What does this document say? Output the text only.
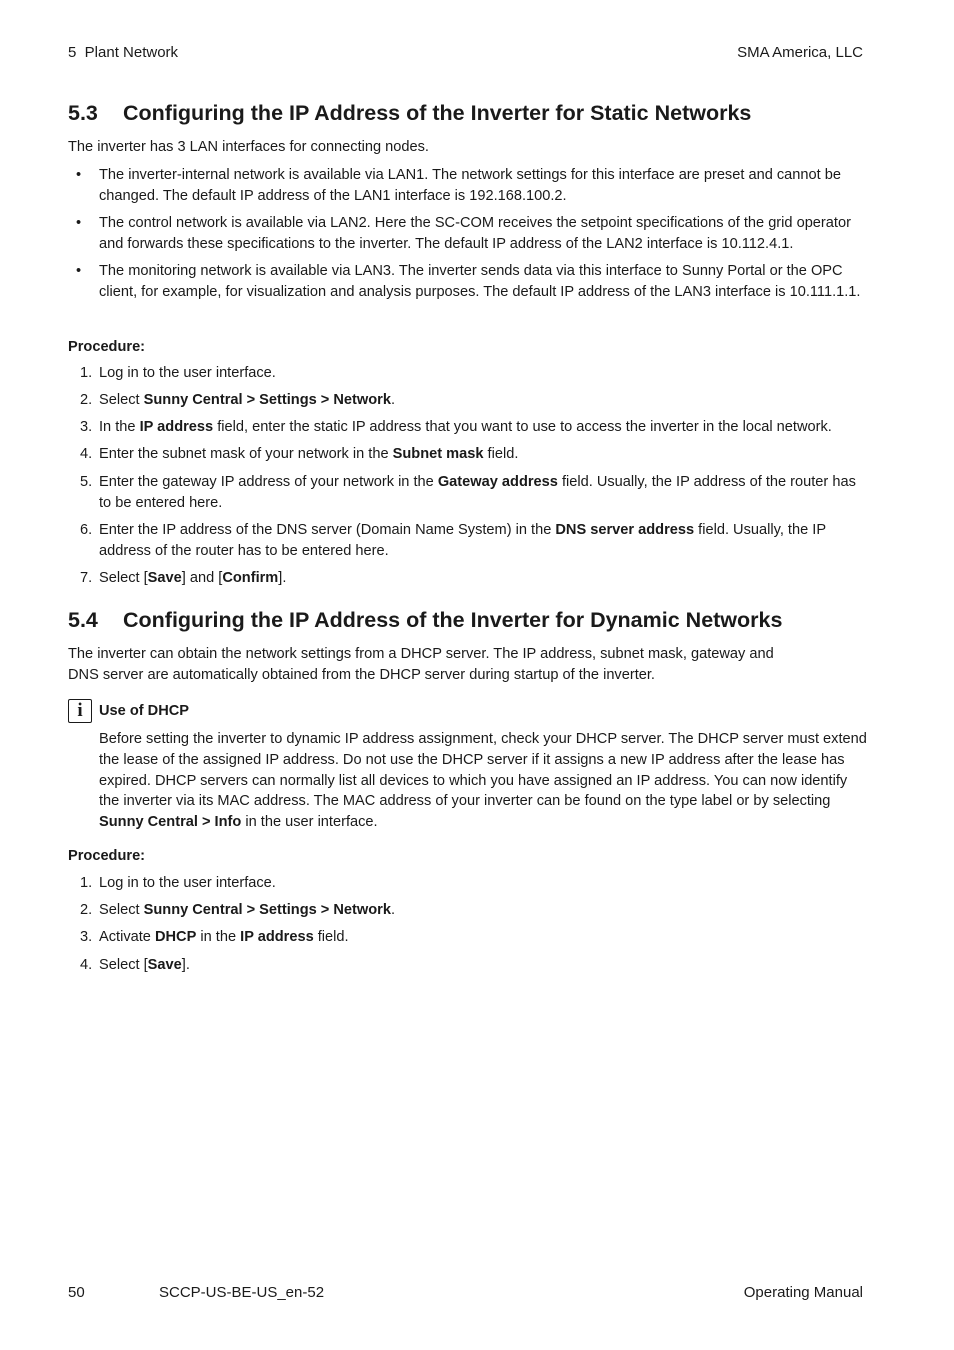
5  Plant Network	SMA America, LLC
5.3 Configuring the IP Address of the Inverter for Static Networks
The inverter has 3 LAN interfaces for connecting nodes.
•	The inverter-internal network is available via LAN1. The network settings for this interface are preset and cannot be changed. The default IP address of the LAN1 interface is 192.168.100.2.
•	The control network is available via LAN2. Here the SC-COM receives the setpoint specifications of the grid operator and forwards these specifications to the inverter. The default IP address of the LAN2 interface is 10.112.4.1.
•	The monitoring network is available via LAN3. The inverter sends data via this interface to Sunny Portal or the OPC client, for example, for visualization and analysis purposes. The default IP address of the LAN3 interface is 10.111.1.1.
Procedure:
1. Log in to the user interface.
2. Select Sunny Central > Settings > Network.
3. In the IP address field, enter the static IP address that you want to use to access the inverter in the local network.
4. Enter the subnet mask of your network in the Subnet mask field.
5. Enter the gateway IP address of your network in the Gateway address field. Usually, the IP address of the router has to be entered here.
6. Enter the IP address of the DNS server (Domain Name System) in the DNS server address field. Usually, the IP address of the router has to be entered here.
7. Select [Save] and [Confirm].
5.4 Configuring the IP Address of the Inverter for Dynamic Networks
The inverter can obtain the network settings from a DHCP server. The IP address, subnet mask, gateway and DNS server are automatically obtained from the DHCP server during startup of the inverter.
i	Use of DHCP
Before setting the inverter to dynamic IP address assignment, check your DHCP server. The DHCP server must extend the lease of the assigned IP address. Do not use the DHCP server if it assigns a new IP address after the lease has expired. DHCP servers can normally list all devices to which you have assigned an IP address. You can now identify the inverter via its MAC address. The MAC address of your inverter can be found on the type label or by selecting Sunny Central > Info in the user interface.
Procedure:
1. Log in to the user interface.
2. Select Sunny Central > Settings > Network.
3. Activate DHCP in the IP address field.
4. Select [Save].
50	SCCP-US-BE-US_en-52	Operating Manual
